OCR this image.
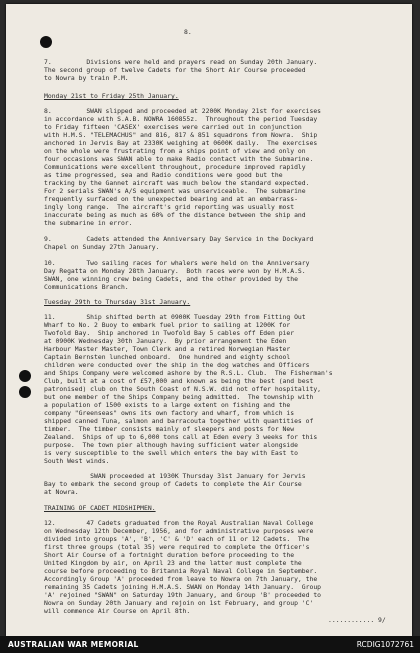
8.
7.         Divisions were held and prayers read on Sunday 20th January.
The second group of twelve Cadets for the Short Air Course proceeded
to Nowra by train P.M.
Monday 21st to Friday 25th January.
8.         SWAN slipped and proceeded at 2200K Monday 21st for exercises
in accordance with S.A.B. NOWRA 160855z.  Throughout the period Tuesday
to Friday fifteen 'CASEX' exercises were carried out in conjunction
with H.M.S. "TELEMACHUS" and 816, 817 & 851 squadrons from Nowra.  Ship
anchored in Jervis Bay at 2330K weighing at 0600K daily.  The exercises
on the whole were frustrating from a ships point of view and only on
four occasions was SWAN able to make Radio contact with the Submarine.
Communications were excellent throughout, procedure improved rapidly
as time progressed, sea and Radio conditions were good but the
tracking by the Gannet aircraft was much below the standard expected.
For 2 serials SWAN's A/S equipment was unserviceable.  The submarine
frequently surfaced on the unexpected bearing and at an embarrass-
ingly long range.  The aircraft's grid reporting was usually most
inaccurate being as much as 60% of the distance between the ship and
the submarine in error.
9.         Cadets attended the Anniversary Day Service in the Dockyard
Chapel on Sunday 27th January.
10.        Two sailing races for whalers were held on the Anniversary
Day Regatta on Monday 28th January.  Both races were won by H.M.A.S.
SWAN, one winning crew being Cadets, and the other provided by the
Communications Branch.
Tuesday 29th to Thursday 31st January.
11.        Ship shifted berth at 0900K Tuesday 29th from Fitting Out
Wharf to No. 2 Buoy to embark fuel prior to sailing at 1200K for
Twofold Bay.  Ship anchored in Twofold Bay 5 cables off Eden pier
at 0900K Wednesday 30th January.  By prior arrangement the Eden
Harbour Master Master, Town Clerk and a retired Norwegian Master
Captain Bernsten lunched onboard.  One hundred and eighty school
children were conducted over the ship in the dog watches and Officers
and Ships Company were welcomed ashore by the R.S.L. Club.  The Fisherman's
Club, built at a cost of £57,000 and known as being the best (and best
patronised) club on the South Coast of N.S.W. did not offer hospitality,
but one member of the Ships Company being admitted.  The township with
a population of 1500 exists to a large extent on fishing and the
company "Greenseas" owns its own factory and wharf, from which is
shipped canned Tuna, salmon and barracouta together with quantities of
timber.  The timber consists mainly of sleepers and posts for New
Zealand.  Ships of up to 6,000 tons call at Eden every 3 weeks for this
purpose.  The town pier although having sufficient water alongside
is very susceptible to the swell which enters the bay with East to
South West winds.
SWAN proceeded at 1930K Thursday 31st January for Jervis
Bay to embark the second group of Cadets to complete the Air Course
at Nowra.
TRAINING OF CADET MIDSHIPMEN.
12.        47 Cadets graduated from the Royal Australian Naval College
on Wednesday 12th December, 1956, and for administrative purposes were
divided into groups 'A', 'B', 'C' & 'D' each of 11 or 12 Cadets.  The
first three groups (total 35) were required to complete the Officer's
Short Air Course of a fortnight duration before proceeding to the
United Kingdom by air, on April 23 and the latter must complete the
course before proceeding to Britannia Royal Naval College in September.
Accordingly Group 'A' proceeded from leave to Nowra on 7th January, the
remaining 35 Cadets joining H.M.A.S. SWAN on Monday 14th January.  Group
'A' rejoined "SWAN" on Saturday 19th January, and Group 'B' proceeded to
Nowra on Sunday 20th January and rejoin on 1st February, and group 'C'
will commence Air Course on April 8th.
............ 9/
AUSTRALIAN WAR MEMORIAL	RCDIG1072761
